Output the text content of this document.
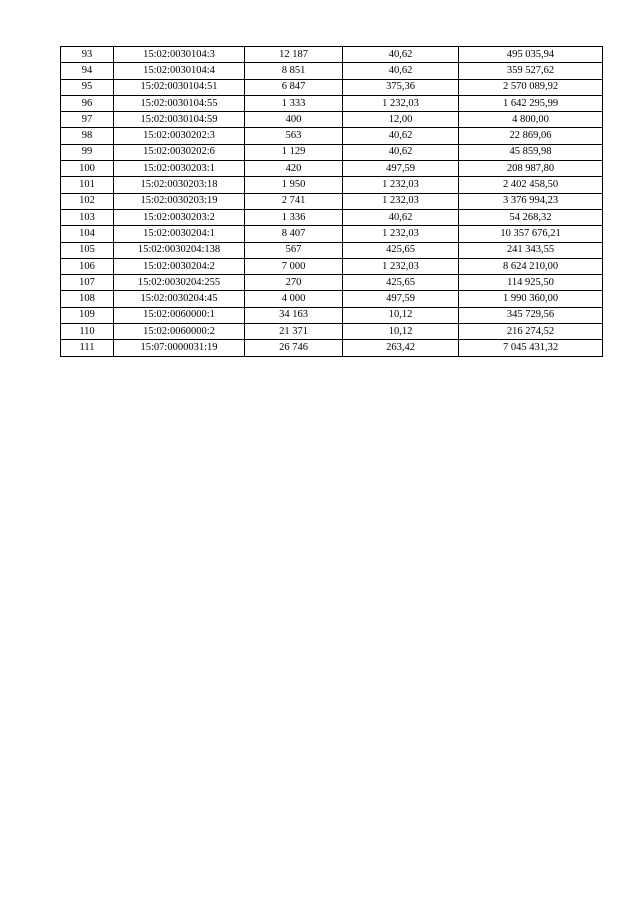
93	15:02:0030104:3	12 187	40,62	495 035,94
94	15:02:0030104:4	8 851	40,62	359 527,62
95	15:02:0030104:51	6 847	375,36	2 570 089,92
96	15:02:0030104:55	1 333	1 232,03	1 642 295,99
97	15:02:0030104:59	400	12,00	4 800,00
98	15:02:0030202:3	563	40,62	22 869,06
99	15:02:0030202:6	1 129	40,62	45 859,98
100	15:02:0030203:1	420	497,59	208 987,80
101	15:02:0030203:18	1 950	1 232,03	2 402 458,50
102	15:02:0030203:19	2 741	1 232,03	3 376 994,23
103	15:02:0030203:2	1 336	40,62	54 268,32
104	15:02:0030204:1	8 407	1 232,03	10 357 676,21
105	15:02:0030204:138	567	425,65	241 343,55
106	15:02:0030204:2	7 000	1 232,03	8 624 210,00
107	15:02:0030204:255	270	425,65	114 925,50
108	15:02:0030204:45	4 000	497,59	1 990 360,00
109	15:02:0060000:1	34 163	10,12	345 729,56
110	15:02:0060000:2	21 371	10,12	216 274,52
111	15:07:0000031:19	26 746	263,42	7 045 431,32
